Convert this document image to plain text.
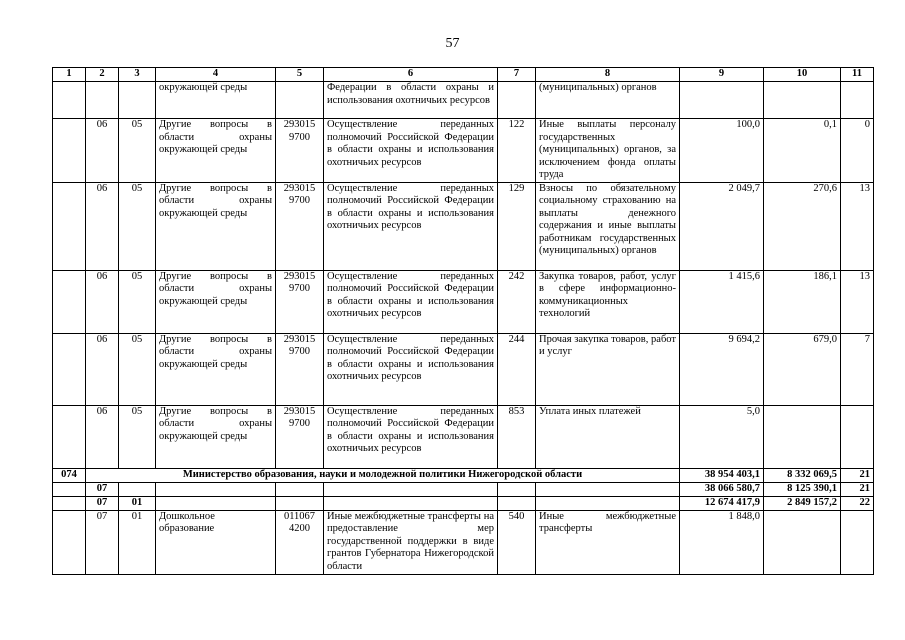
57
1	2	3	4	5	6	7	8	9	10	11
			окружающей среды		Федерации в области охраны и использования охотничьих ресурсов		(муниципальных) органов			
	06	05	Другие вопросы в области охраны окружающей среды	293015 9700	Осуществление переданных полномочий Российской Федерации в области охраны и использования охотничьих ресурсов	122	Иные выплаты персоналу государственных (муниципальных) органов, за исключением фонда оплаты труда	100,0	0,1	0
	06	05	Другие вопросы в области охраны окружающей среды	293015 9700	Осуществление переданных полномочий Российской Федерации в области охраны и использования охотничьих ресурсов	129	Взносы по обязательному социальному страхованию на выплаты денежного содержания и иные выплаты работникам государственных (муниципальных) органов	2 049,7	270,6	13
	06	05	Другие вопросы в области охраны окружающей среды	293015 9700	Осуществление переданных полномочий Российской Федерации в области охраны и использования охотничьих ресурсов	242	Закупка товаров, работ, услуг в сфере информационно-коммуникационных технологий	1 415,6	186,1	13
	06	05	Другие вопросы в области охраны окружающей среды	293015 9700	Осуществление переданных полномочий Российской Федерации в области охраны и использования охотничьих ресурсов	244	Прочая закупка товаров, работ и услуг	9 694,2	679,0	7
	06	05	Другие вопросы в области охраны окружающей среды	293015 9700	Осуществление переданных полномочий Российской Федерации в области охраны и использования охотничьих ресурсов	853	Уплата иных платежей	5,0		
074	Министерство образования, науки и молодежной политики Нижегородской области							38 954 403,1	8 332 069,5	21
	07							38 066 580,7	8 125 390,1	21
	07	01						12 674 417,9	2 849 157,2	22
	07	01	Дошкольное образование	011067 4200	Иные межбюджетные трансферты на предоставление мер государственной поддержки в виде грантов Губернатора Нижегородской области	540	Иные межбюджетные трансферты	1 848,0		
